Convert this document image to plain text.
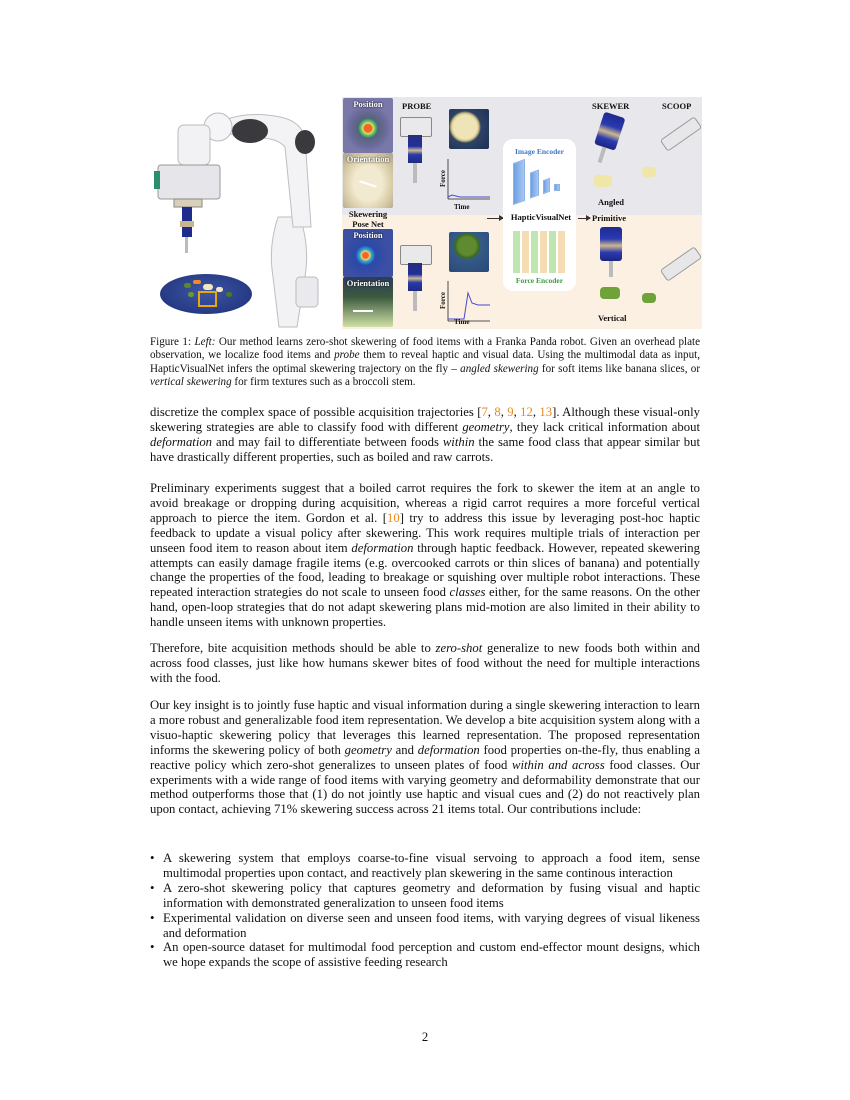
Position
Orientation
Skewering
Pose Net
Position
Orientation
PROBE
Force
Time
Force
Time
Image Encoder
Force Encoder
HapticVisualNet	Primitive
SKEWER	SCOOP
Angled
Vertical
Figure 1: Left: Our method learns zero-shot skewering of food items with a Franka Panda robot. Given an overhead plate observation, we localize food items and probe them to reveal haptic and visual data. Using the multimodal data as input, HapticVisualNet infers the optimal skewering trajectory on the fly – angled skewering for soft items like banana slices, or vertical skewering for firm textures such as a broccoli stem.

discretize the complex space of possible acquisition trajectories [7, 8, 9, 12, 13]. Although these visual-only skewering strategies are able to classify food with different geometry, they lack critical information about deformation and may fail to differentiate between foods within the same food class that appear similar but have drastically different properties, such as boiled and raw carrots.

Preliminary experiments suggest that a boiled carrot requires the fork to skewer the item at an angle to avoid breakage or dropping during acquisition, whereas a rigid carrot requires a more forceful vertical approach to pierce the item. Gordon et al. [10] try to address this issue by leveraging post-hoc haptic feedback to update a visual policy after skewering. This work requires multiple trials of interaction per unseen food item to reason about item deformation through haptic feedback. However, repeated skewering attempts can easily damage fragile items (e.g. overcooked carrots or thin slices of banana) and potentially change the properties of the food, leading to breakage or squishing over multiple robot interactions. These repeated interaction strategies do not scale to unseen food classes either, for the same reasons. On the other hand, open-loop strategies that do not adapt skewering plans mid-motion are also limited in their ability to handle unseen items with unknown properties.

Therefore, bite acquisition methods should be able to zero-shot generalize to new foods both within and across food classes, just like how humans skewer bites of food without the need for multiple interactions with the food.

Our key insight is to jointly fuse haptic and visual information during a single skewering interaction to learn a more robust and generalizable food item representation. We develop a bite acquisition system along with a visuo-haptic skewering policy that leverages this learned representation. The proposed representation informs the skewering policy of both geometry and deformation food properties on-the-fly, thus enabling a reactive policy which zero-shot generalizes to unseen plates of food within and across food classes. Our experiments with a wide range of food items with varying geometry and deformability demonstrate that our method outperforms those that (1) do not jointly use haptic and visual cues and (2) do not reactively plan upon contact, achieving 71% skewering success across 21 items total. Our contributions include:

• A skewering system that employs coarse-to-fine visual servoing to approach a food item, sense multimodal properties upon contact, and reactively plan skewering in the same continous interaction
• A zero-shot skewering policy that captures geometry and deformation by fusing visual and haptic information with demonstrated generalization to unseen food items
• Experimental validation on diverse seen and unseen food items, with varying degrees of visual likeness and deformation
• An open-source dataset for multimodal food perception and custom end-effector mount designs, which we hope expands the scope of assistive feeding research
2
